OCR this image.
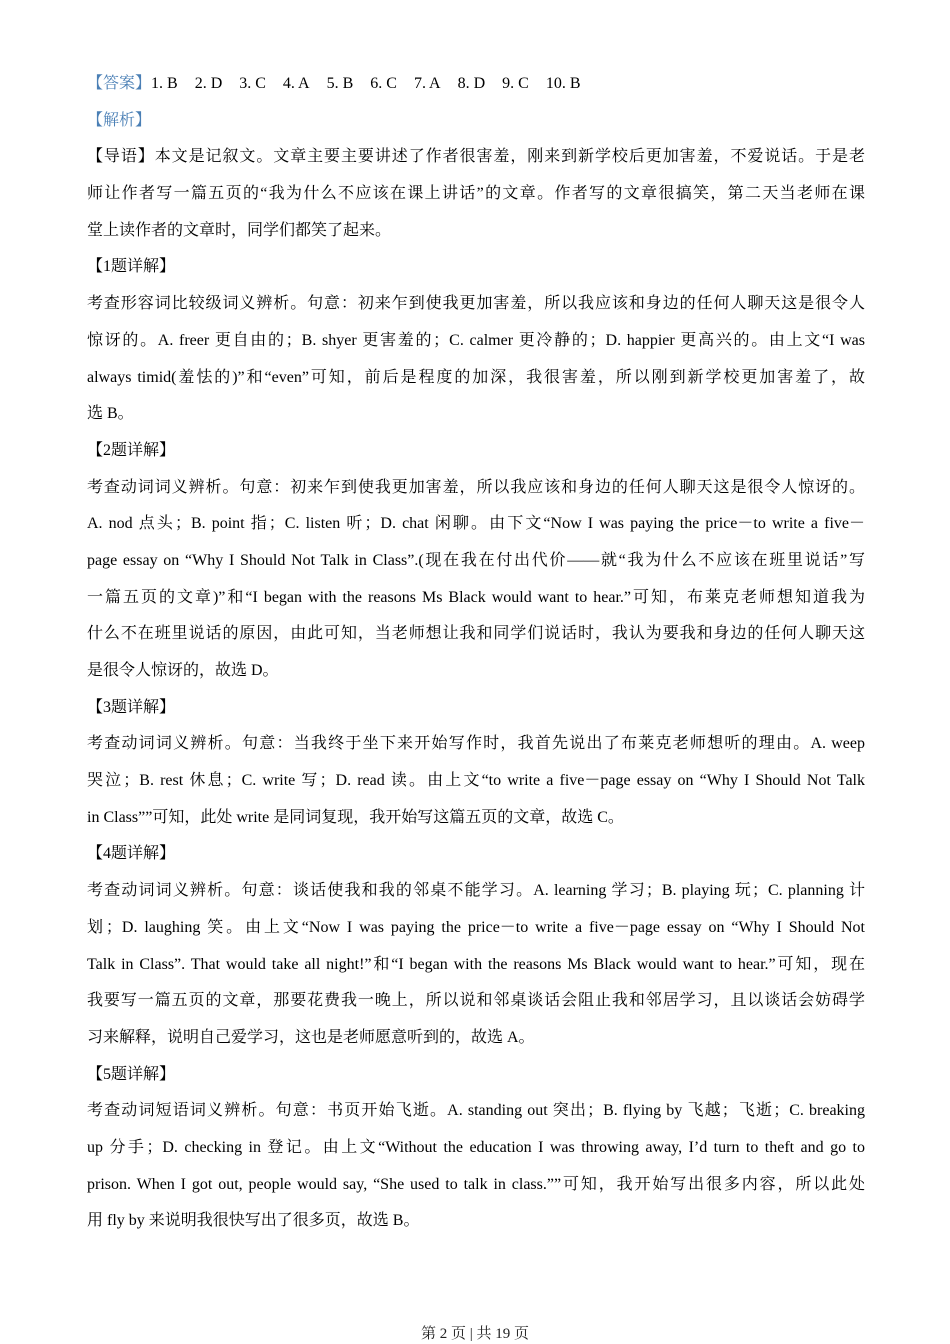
【答案】1. B 2. D 3. C 4. A 5. B 6. C 7. A 8. D 9. C 10. B
【解析】
【导语】本文是记叙文。文章主要主要讲述了作者很害羞，刚来到新学校后更加害羞，不爱说话。于是老
师让作者写一篇五页的“我为什么不应该在课上讲话”的文章。作者写的文章很搞笑，第二天当老师在课
堂上读作者的文章时，同学们都笑了起来。
【1题详解】
考查形容词比较级词义辨析。句意：初来乍到使我更加害羞，所以我应该和身边的任何人聊天这是很令人
惊讶的。A. freer 更自由的；B. shyer 更害羞的；C. calmer 更冷静的；D. happier 更高兴的。由上文“I was
always timid(羞怯的)”和“even”可知，前后是程度的加深，我很害羞，所以刚到新学校更加害羞了，故
选 B。
【2题详解】
考查动词词义辨析。句意：初来乍到使我更加害羞，所以我应该和身边的任何人聊天这是很令人惊讶的。
A. nod 点头；B. point 指；C. listen 听；D. chat 闲聊。由下文“Now I was paying the price－to write a five－
page essay on “Why I Should Not Talk in Class”.(现在我在付出代价——就“我为什么不应该在班里说话”写
一篇五页的文章)”和“I began with the reasons Ms Black would want to hear.”可知，布莱克老师想知道我为
什么不在班里说话的原因，由此可知，当老师想让我和同学们说话时，我认为要我和身边的任何人聊天这
是很令人惊讶的，故选 D。
【3题详解】
考查动词词义辨析。句意：当我终于坐下来开始写作时，我首先说出了布莱克老师想听的理由。A. weep
哭泣；B. rest 休息；C. write 写；D. read 读。由上文“to write a five－page essay on “Why I Should Not Talk
in Class””可知，此处 write 是同词复现，我开始写这篇五页的文章，故选 C。
【4题详解】
考查动词词义辨析。句意：谈话使我和我的邻桌不能学习。A. learning 学习；B. playing 玩；C. planning 计
划；D. laughing 笑。由上文“Now I was paying the price－to write a five－page essay on “Why I Should Not
Talk in Class”. That would take all night!”和“I began with the reasons Ms Black would want to hear.”可知，现在
我要写一篇五页的文章，那要花费我一晚上，所以说和邻桌谈话会阻止我和邻居学习，且以谈话会妨碍学
习来解释，说明自己爱学习，这也是老师愿意听到的，故选 A。
【5题详解】
考查动词短语词义辨析。句意：书页开始飞逝。A. standing out 突出；B. flying by 飞越；飞逝；C. breaking
up 分手；D. checking in 登记。由上文“Without the education I was throwing away, I’d turn to theft and go to
prison. When I got out, people would say, “She used to talk in class.””可知，我开始写出很多内容，所以此处
用 fly by 来说明我很快写出了很多页，故选 B。
第 2 页 | 共 19 页
